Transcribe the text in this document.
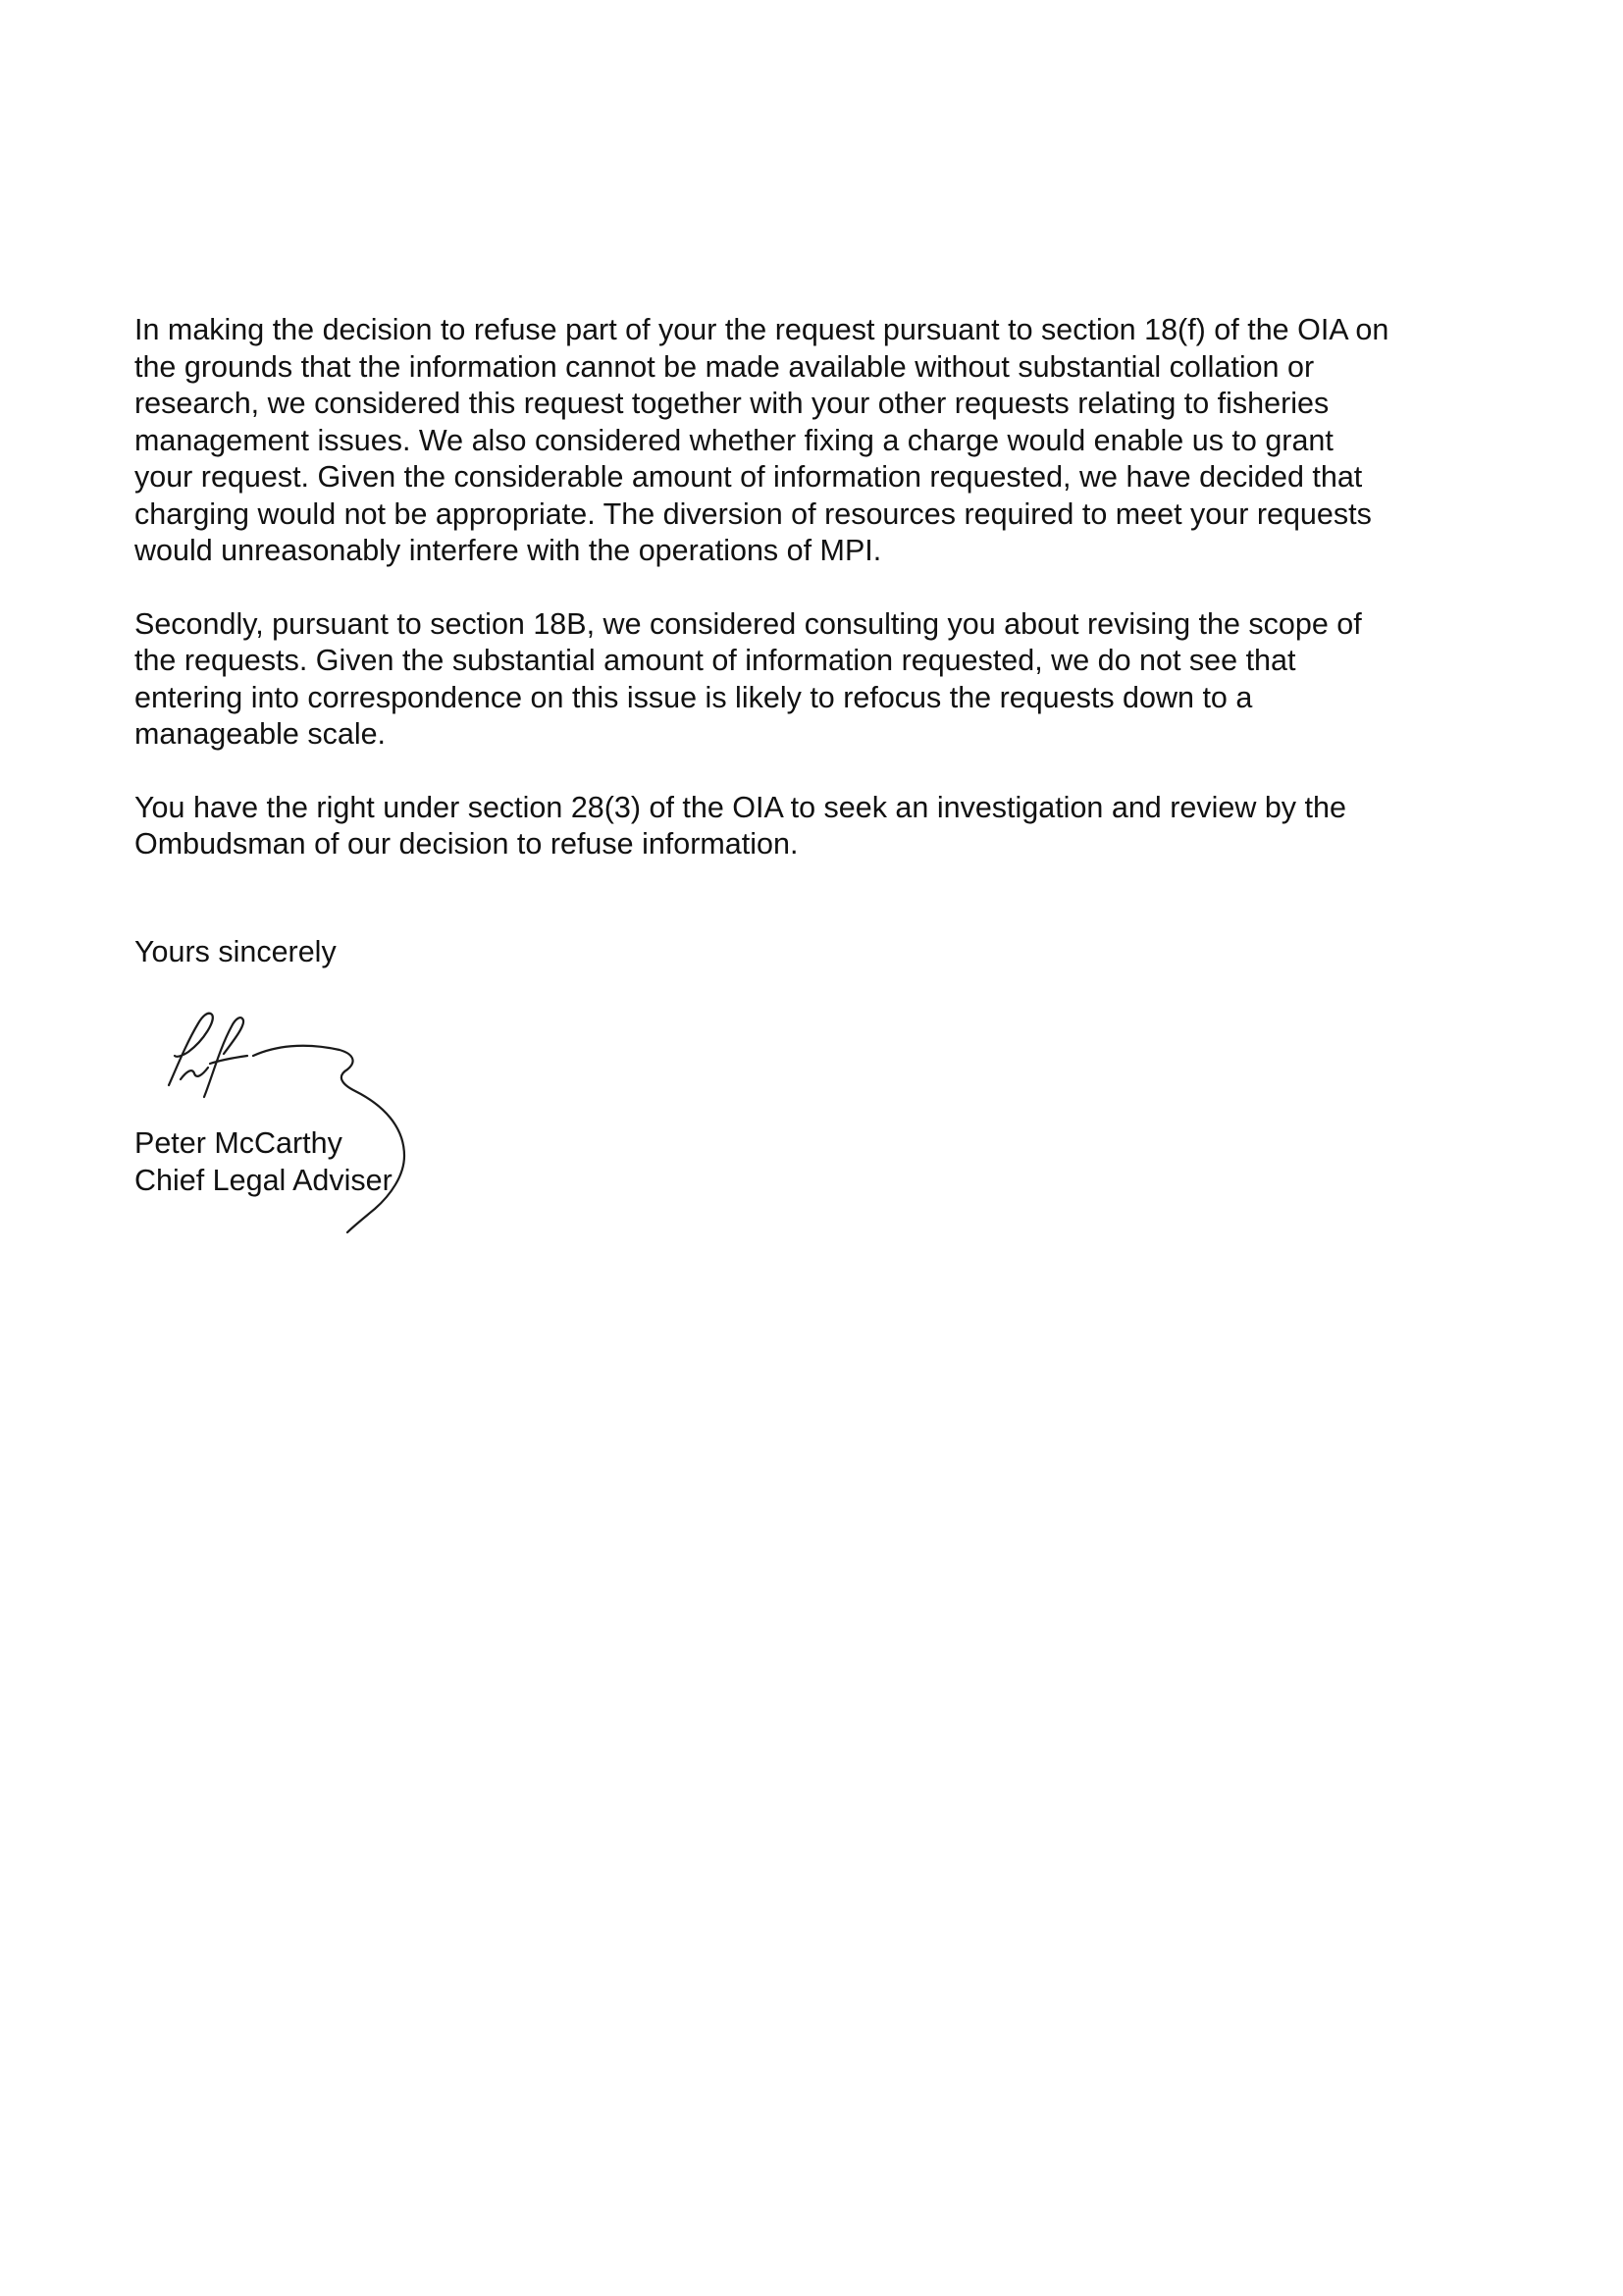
In making the decision to refuse part of your the request pursuant to section 18(f) of the OIA on
the grounds that the information cannot be made available without substantial collation or
research, we considered this request together with your other requests relating to fisheries
management issues. We also considered whether fixing a charge would enable us to grant
your request. Given the considerable amount of information requested, we have decided that
charging would not be appropriate. The diversion of resources required to meet your requests
would unreasonably interfere with the operations of MPI.

Secondly, pursuant to section 18B, we considered consulting you about revising the scope of
the requests. Given the substantial amount of information requested, we do not see that
entering into correspondence on this issue is likely to refocus the requests down to a
manageable scale.

You have the right under section 28(3) of the OIA to seek an investigation and review by the
Ombudsman of our decision to refuse information.

Yours sincerely

Peter McCarthy
Chief Legal Adviser
